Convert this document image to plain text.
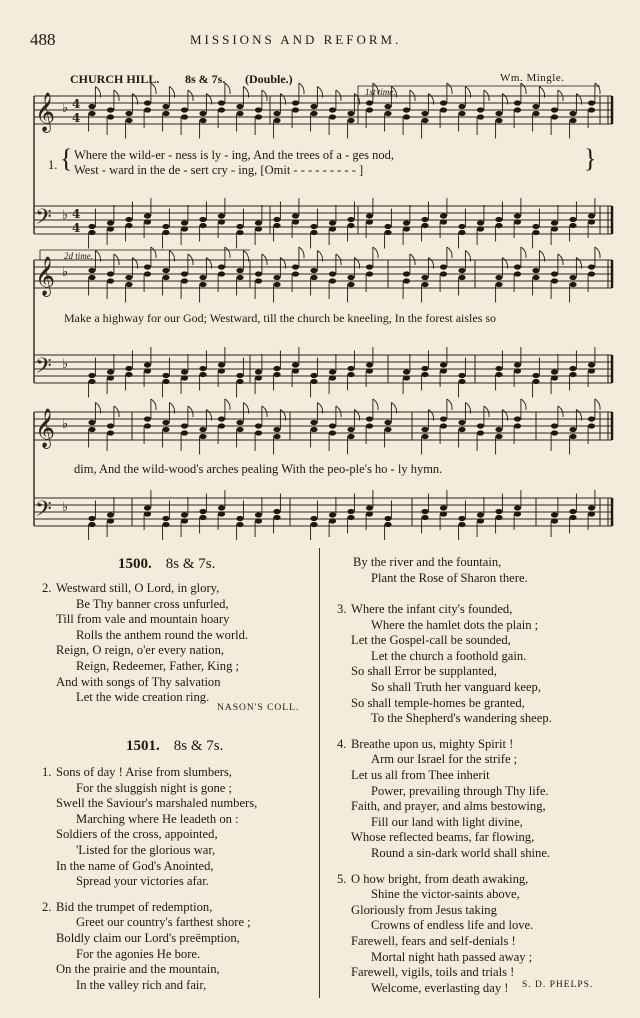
488	MISSIONS AND REFORM.
CHURCH HILL. 8s & 7s. (Double.)	Wm. Mingle.
𝄞
𝄢
♭
♭
4
4
4
4
𝄞
𝄢
♭
♭
𝄞
𝄢
♭
♭
1st time.
2d time.
1. {	}
Where the wild-er - ness is ly - ing, And the trees of a - ges nod,
West - ward in the de - sert cry - ing, [Omit - - - - - - - - - ]
Make a highway for our God; Westward, till the church be kneeling, In the forest aisles so
dim, And the wild-wood's arches pealing With the peo-ple's ho - ly hymn.
1500. 8s & 7s.
2. Westward still, O Lord, in glory,
Be Thy banner cross unfurled,
Till from vale and mountain hoary
Rolls the anthem round the world.
Reign, O reign, o'er every nation,
Reign, Redeemer, Father, King ;
And with songs of Thy salvation
Let the wide creation ring.
NASON'S COLL.
1501. 8s & 7s.
1. Sons of day ! Arise from slumbers,
For the sluggish night is gone ;
Swell the Saviour's marshaled numbers,
Marching where He leadeth on :
Soldiers of the cross, appointed,
'Listed for the glorious war,
In the name of God's Anointed,
Spread your victories afar.
2. Bid the trumpet of redemption,
Greet our country's farthest shore ;
Boldly claim our Lord's preëmption,
For the agonies He bore.
On the prairie and the mountain,
In the valley rich and fair,
By the river and the fountain,
Plant the Rose of Sharon there.
3. Where the infant city's founded,
Where the hamlet dots the plain ;
Let the Gospel-call be sounded,
Let the church a foothold gain.
So shall Error be supplanted,
So shall Truth her vanguard keep,
So shall temple-homes be granted,
To the Shepherd's wandering sheep.
4. Breathe upon us, mighty Spirit !
Arm our Israel for the strife ;
Let us all from Thee inherit
Power, prevailing through Thy life.
Faith, and prayer, and alms bestowing,
Fill our land with light divine,
Whose reflected beams, far flowing,
Round a sin-dark world shall shine.
5. O how bright, from death awaking,
Shine the victor-saints above,
Gloriously from Jesus taking
Crowns of endless life and love.
Farewell, fears and self-denials !
Mortal night hath passed away ;
Farewell, vigils, toils and trials !
Welcome, everlasting day ! S. D. PHELPS.
